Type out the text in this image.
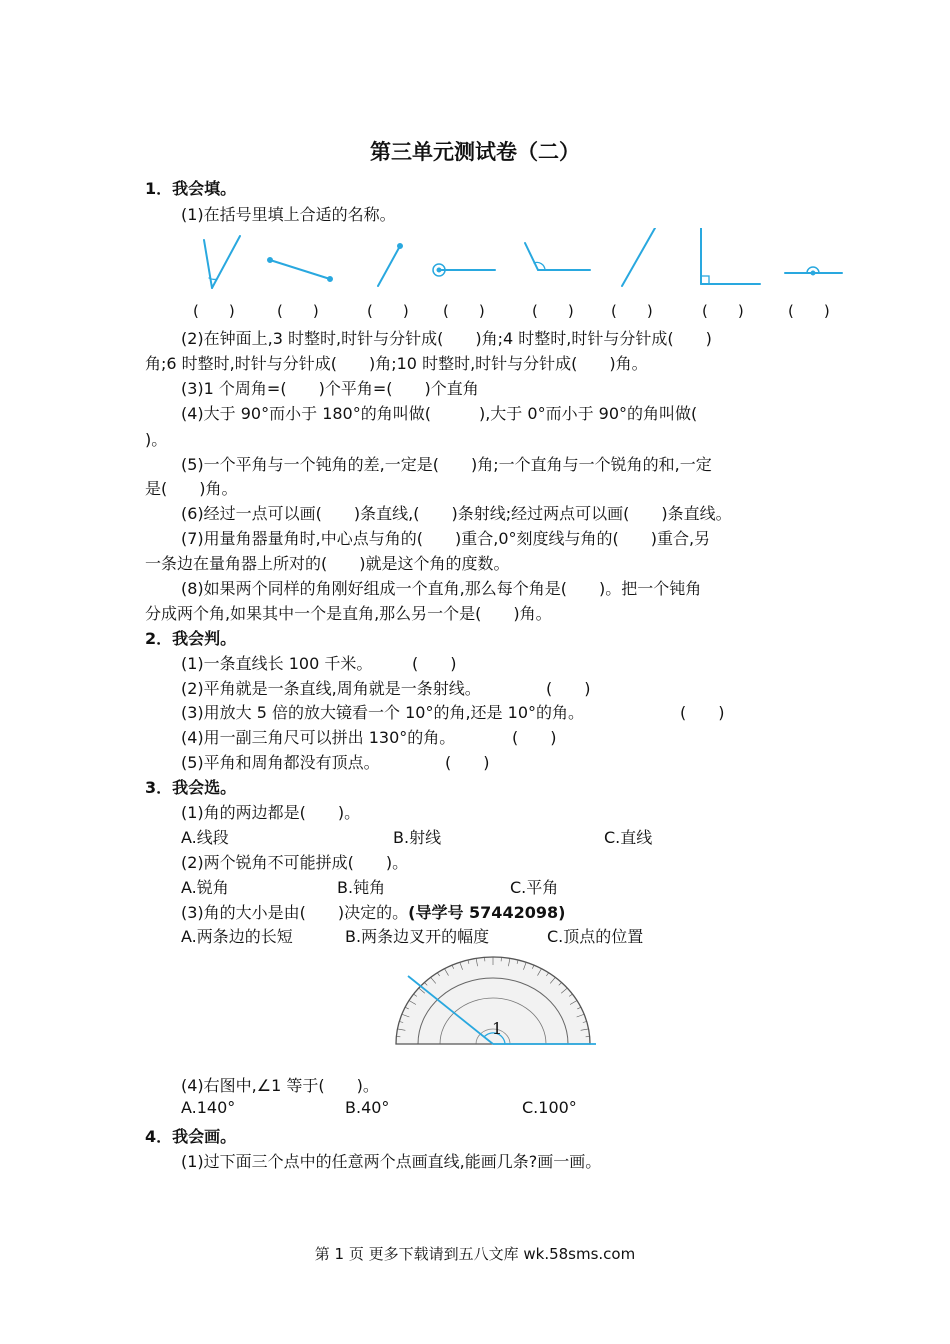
第三单元测试卷（二）
1．我会填。
(1)在括号里填上合适的名称。
(　　)	(　　)	(　　) (　　)	(　　) (　　)	(　　)	(　　)
(2)在钟面上,3 时整时,时针与分针成(　　)角;4 时整时,时针与分针成(　　)
角;6 时整时,时针与分针成(　　)角;10 时整时,时针与分针成(　　)角。
(3)1 个周角=(　　)个平角=(　　)个直角
(4)大于 90°而小于 180°的角叫做(　　　),大于 0°而小于 90°的角叫做(
)。
(5)一个平角与一个钝角的差,一定是(　　)角;一个直角与一个锐角的和,一定
是(　　)角。
(6)经过一点可以画(　　)条直线,(　　)条射线;经过两点可以画(　　)条直线。
(7)用量角器量角时,中心点与角的(　　)重合,0°刻度线与角的(　　)重合,另
一条边在量角器上所对的(　　)就是这个角的度数。
(8)如果两个同样的角刚好组成一个直角,那么每个角是(　　)。把一个钝角
分成两个角,如果其中一个是直角,那么另一个是(　　)角。
2．我会判。
(1)一条直线长 100 千米。 (　　)
(2)平角就是一条直线,周角就是一条射线。	(　　)
(3)用放大 5 倍的放大镜看一个 10°的角,还是 10°的角。	(　　)
(4)用一副三角尺可以拼出 130°的角。	(　　)
(5)平角和周角都没有顶点。	(　　)
3．我会选。
(1)角的两边都是(　　)。
A.线段	B.射线	C.直线
(2)两个锐角不可能拼成(　　)。
A.锐角	B.钝角	C.平角
(3)角的大小是由(　　)决定的。(导学号 57442098)
A.两条边的长短	B.两条边叉开的幅度	C.顶点的位置
1
(4)右图中,∠1 等于(　　)。
A.140°	B.40°	C.100°
4．我会画。
(1)过下面三个点中的任意两个点画直线,能画几条?画一画。
第 1 页 更多下载请到五八文库 wk.58sms.com
